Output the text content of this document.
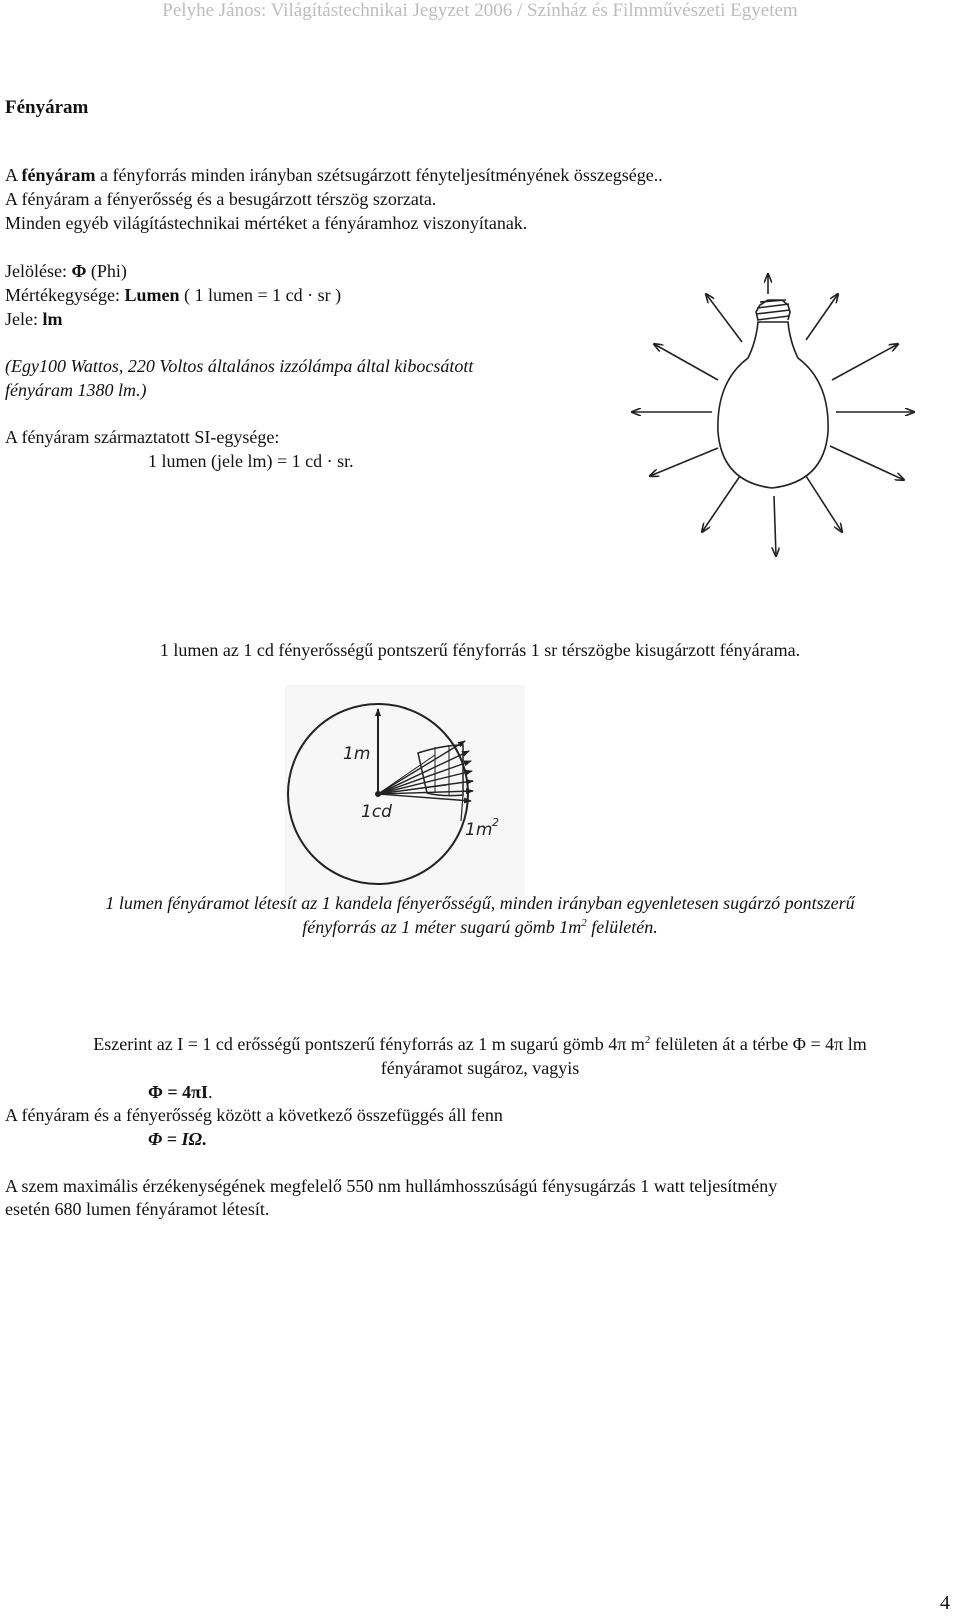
Pelyhe János: Világítástechnikai Jegyzet 2006 / Színház és Filmművészeti Egyetem
Fényáram
A fényáram a fényforrás minden irányban szétsugárzott fényteljesítményének összegsége..
A fényáram a fényerősség és a besugárzott térszög szorzata.
Minden egyéb világítástechnikai mértéket a fényáramhoz viszonyítanak.
Jelölése: Φ (Phi)
Mértékegysége: Lumen ( 1 lumen = 1 cd · sr )
Jele: lm
(Egy100 Wattos, 220 Voltos általános izzólámpa által kibocsátott
fényáram 1380 lm.)
A fényáram származtatott SI-egysége:
1 lumen (jele lm) = 1 cd · sr.
1 lumen az 1 cd fényerősségű pontszerű fényforrás 1 sr térszögbe kisugárzott fényárama.
1m
1cd
1m 2
1 lumen fényáramot létesít az 1 kandela fényerősségű, minden irányban egyenletesen sugárzó pontszerű
fényforrás az 1 méter sugarú gömb $1m^2$ felületén.
Eszerint az I = 1 cd erősségű pontszerű fényforrás az 1 m sugarú gömb 4π $m^2$ felületen át a térbe Φ = 4π lm
fényáramot sugároz, vagyis
Φ = 4πI.
A fényáram és a fényerősség között a következő összefüggés áll fenn
Φ = IΩ.
A szem maximális érzékenységének megfelelő 550 nm hullámhosszúságú fénysugárzás 1 watt teljesítmény
esetén 680 lumen fényáramot létesít.
4
